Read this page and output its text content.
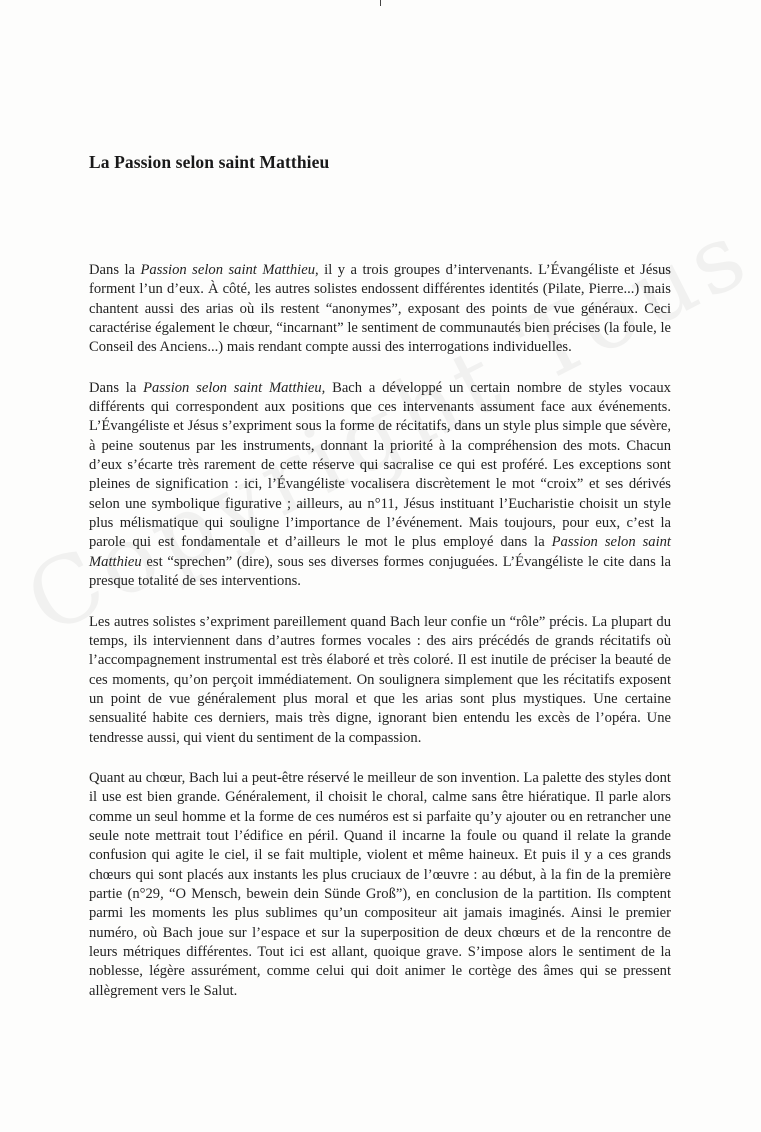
La Passion selon saint Matthieu

Dans la Passion selon saint Matthieu, il y a trois groupes d’intervenants. L’Évangéliste et Jésus forment l’un d’eux. À côté, les autres solistes endossent différentes identités (Pilate, Pierre...) mais chantent aussi des arias où ils restent “anonymes”, exposant des points de vue généraux. Ceci caractérise également le chœur, “incarnant” le sentiment de communautés bien précises (la foule, le Conseil des Anciens...) mais rendant compte aussi des interrogations individuelles.

Dans la Passion selon saint Matthieu, Bach a développé un certain nombre de styles vocaux différents qui correspondent aux positions que ces intervenants assument face aux événements. L’Évangéliste et Jésus s’expriment sous la forme de récitatifs, dans un style plus simple que sévère, à peine soutenus par les instruments, donnant la priorité à la compréhension des mots. Chacun d’eux s’écarte très rarement de cette réserve qui sacralise ce qui est proféré. Les exceptions sont pleines de signification : ici, l’Évangéliste vocalisera discrètement le mot “croix” et ses dérivés selon une symbolique figurative ; ailleurs, au n°11, Jésus instituant l’Eucharistie choisit un style plus mélismatique qui souligne l’importance de l’événement. Mais toujours, pour eux, c’est la parole qui est fondamentale et d’ailleurs le mot le plus employé dans la Passion selon saint Matthieu est “sprechen” (dire), sous ses diverses formes conjuguées. L’Évangéliste le cite dans la presque totalité de ses interventions.

Les autres solistes s’expriment pareillement quand Bach leur confie un “rôle” précis. La plupart du temps, ils interviennent dans d’autres formes vocales : des airs précédés de grands récitatifs où l’accompagnement instrumental est très élaboré et très coloré. Il est inutile de préciser la beauté de ces moments, qu’on perçoit immédiatement. On soulignera simplement que les récitatifs exposent un point de vue généralement plus moral et que les arias sont plus mystiques. Une certaine sensualité habite ces derniers, mais très digne, ignorant bien entendu les excès de l’opéra. Une tendresse aussi, qui vient du sentiment de la compassion.

Quant au chœur, Bach lui a peut-être réservé le meilleur de son invention. La palette des styles dont il use est bien grande. Généralement, il choisit le choral, calme sans être hiératique. Il parle alors comme un seul homme et la forme de ces numéros est si parfaite qu’y ajouter ou en retrancher une seule note mettrait tout l’édifice en péril. Quand il incarne la foule ou quand il relate la grande confusion qui agite le ciel, il se fait multiple, violent et même haineux. Et puis il y a ces grands chœurs qui sont placés aux instants les plus cruciaux de l’œuvre : au début, à la fin de la première partie (n°29, “O Mensch, bewein dein Sünde Groß”), en conclusion de la partition. Ils comptent parmi les moments les plus sublimes qu’un compositeur ait jamais imaginés. Ainsi le premier numéro, où Bach joue sur l’espace et sur la superposition de deux chœurs et de la rencontre de leurs métriques différentes. Tout ici est allant, quoique grave. S’impose alors le sentiment de la noblesse, légère assurément, comme celui qui doit animer le cortège des âmes qui se pressent allègrement vers le Salut.
